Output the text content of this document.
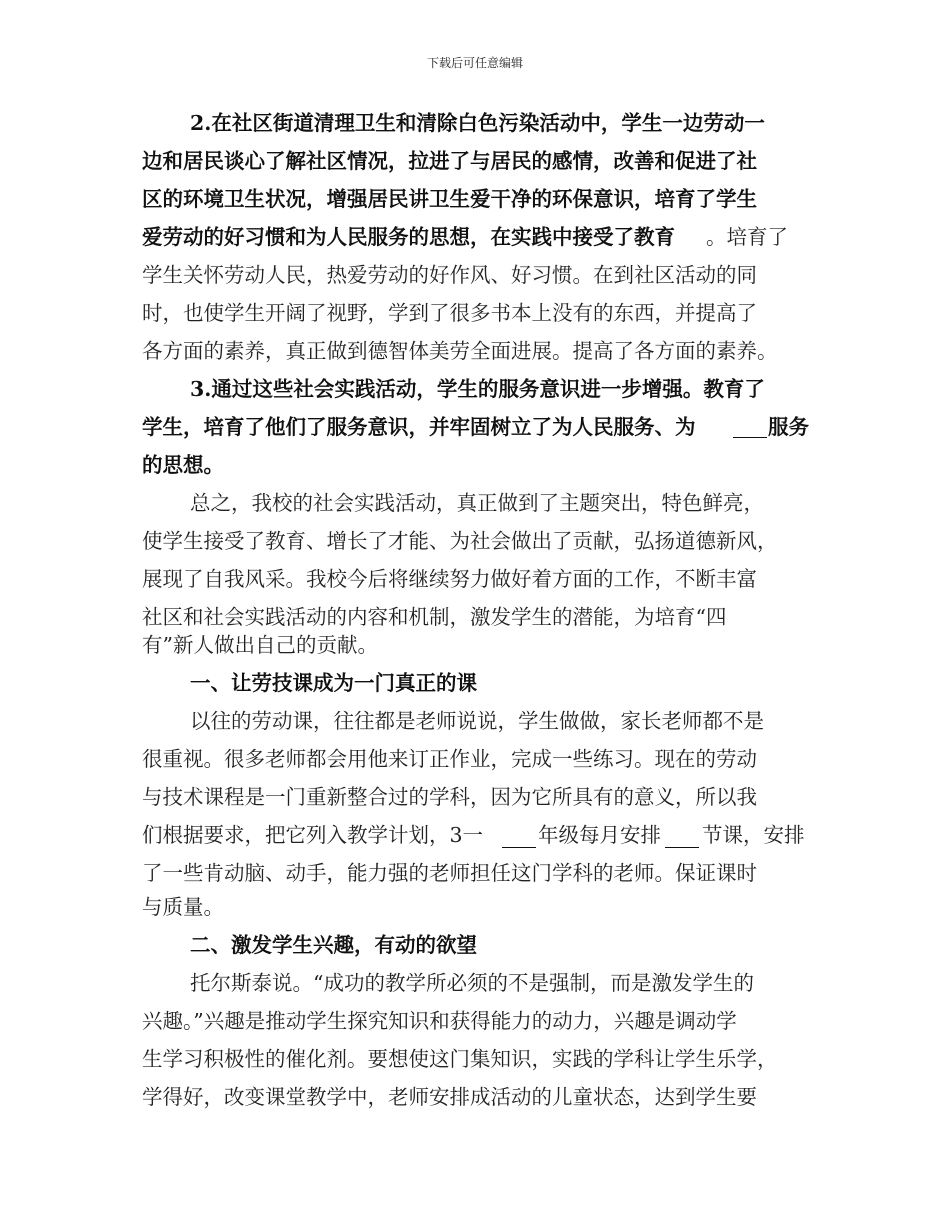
下载后可任意编辑
2.在社区街道清理卫生和清除白色污染活动中，学生一边劳动一
边和居民谈心了解社区情况，拉进了与居民的感情，改善和促进了社
区的环境卫生状况，增强居民讲卫生爱干净的环保意识，培育了学生
爱劳动的好习惯和为人民服务的思想，在实践中接受了教育 。培育了
学生关怀劳动人民，热爱劳动的好作风、好习惯。在到社区活动的同
时，也使学生开阔了视野，学到了很多书本上没有的东西，并提高了
各方面的素养，真正做到德智体美劳全面进展。提高了各方面的素养。
3.通过这些社会实践活动，学生的服务意识进一步增强。教育了
学生，培育了他们了服务意识，并牢固树立了为人民服务、为	服务
的思想。
总之，我校的社会实践活动，真正做到了主题突出，特色鲜亮，
使学生接受了教育、增长了才能、为社会做出了贡献，弘扬道德新风，
展现了自我风采。我校今后将继续努力做好着方面的工作，不断丰富
社区和社会实践活动的内容和机制，激发学生的潜能，为培育“四
有”新人做出自己的贡献。
一、让劳技课成为一门真正的课
以往的劳动课，往往都是老师说说，学生做做，家长老师都不是
很重视。很多老师都会用他来订正作业，完成一些练习。现在的劳动
与技术课程是一门重新整合过的学科，因为它所具有的意义，所以我
们根据要求，把它列入教学计划，3一	年级每月安排 节课，安排
了一些肯动脑、动手，能力强的老师担任这门学科的老师。保证课时
与质量。
二、激发学生兴趣，有动的欲望
托尔斯泰说。“成功的教学所必须的不是强制，而是激发学生的
兴趣。”兴趣是推动学生探究知识和获得能力的动力，兴趣是调动学
生学习积极性的催化剂。要想使这门集知识，实践的学科让学生乐学，
学得好，改变课堂教学中，老师安排成活动的儿童状态，达到学生要
